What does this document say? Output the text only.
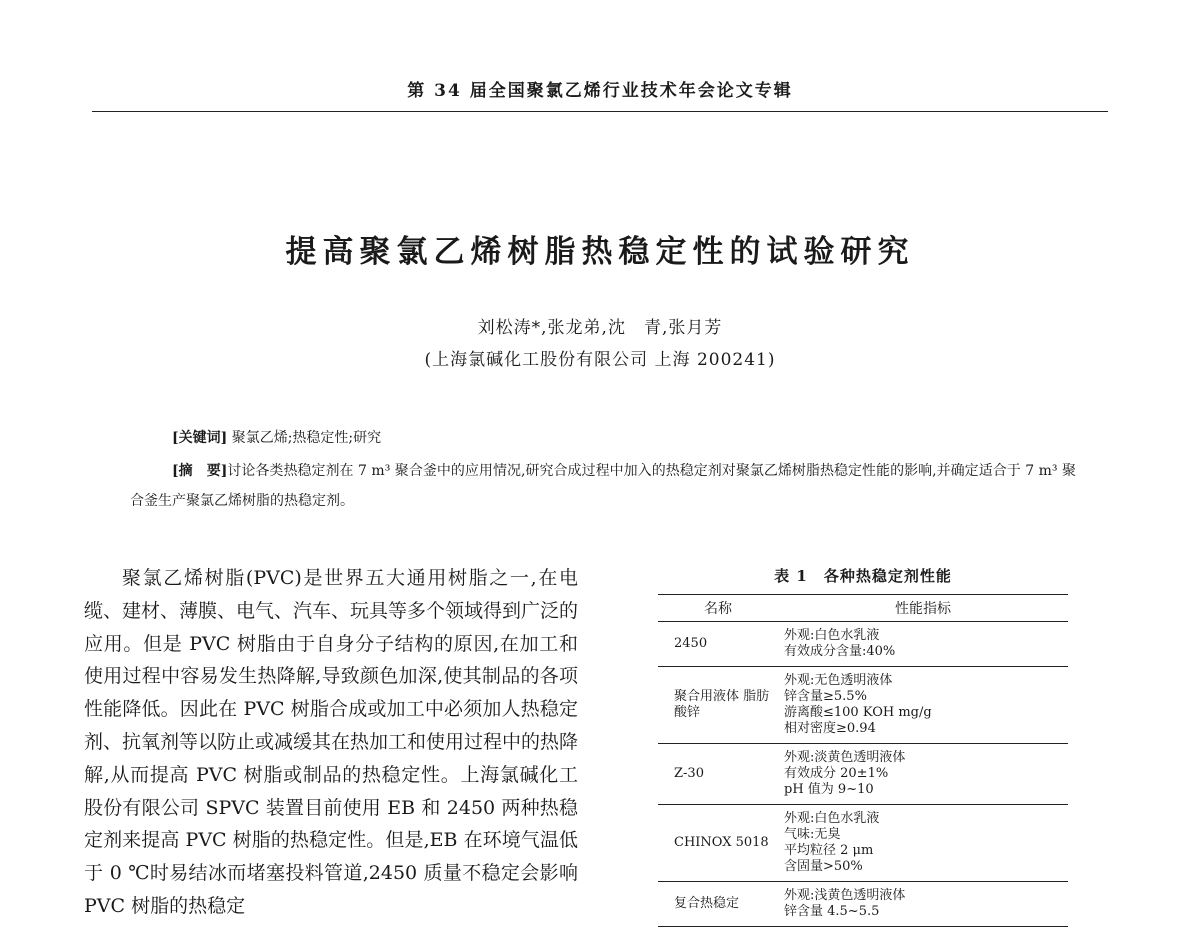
第 34 届全国聚氯乙烯行业技术年会论文专辑
提高聚氯乙烯树脂热稳定性的试验研究
刘松涛*,张龙弟,沈　青,张月芳
(上海氯碱化工股份有限公司 上海 200241)
[关键词] 聚氯乙烯;热稳定性;研究
[摘　要]讨论各类热稳定剂在 7 m³ 聚合釜中的应用情况,研究合成过程中加入的热稳定剂对聚氯乙烯树脂热稳定性能的影响,并确定适合于 7 m³ 聚合釜生产聚氯乙烯树脂的热稳定剂。
聚氯乙烯树脂(PVC)是世界五大通用树脂之一,在电缆、建材、薄膜、电气、汽车、玩具等多个领域得到广泛的应用。但是 PVC 树脂由于自身分子结构的原因,在加工和使用过程中容易发生热降解,导致颜色加深,使其制品的各项性能降低。因此在 PVC 树脂合成或加工中必须加人热稳定剂、抗氧剂等以防止或减缓其在热加工和使用过程中的热降解,从而提高 PVC 树脂或制品的热稳定性。上海氯碱化工股份有限公司 SPVC 装置目前使用 EB 和 2450 两种热稳定剂来提高 PVC 树脂的热稳定性。但是,EB 在环境气温低于 0 ℃时易结冰而堵塞投料管道,2450 质量不稳定会影响 PVC 树脂的热稳定
表 1　各种热稳定剂性能
名称	性能指标
2450	外观:白色水乳液
有效成分含量:40%

聚合用液体 脂肪酸锌	外观:无色透明液体
锌含量≥5.5%
游离酸≤100 KOH mg/g
相对密度≥0.94

Z-30	外观:淡黄色透明液体
有效成分 20±1%
pH 值为 9~10

CHINOX 5018	外观:白色水乳液
气味:无臭
平均粒径 2 μm
含固量>50%

复合热稳定	外观:浅黄色透明液体
锌含量 4.5~5.5
